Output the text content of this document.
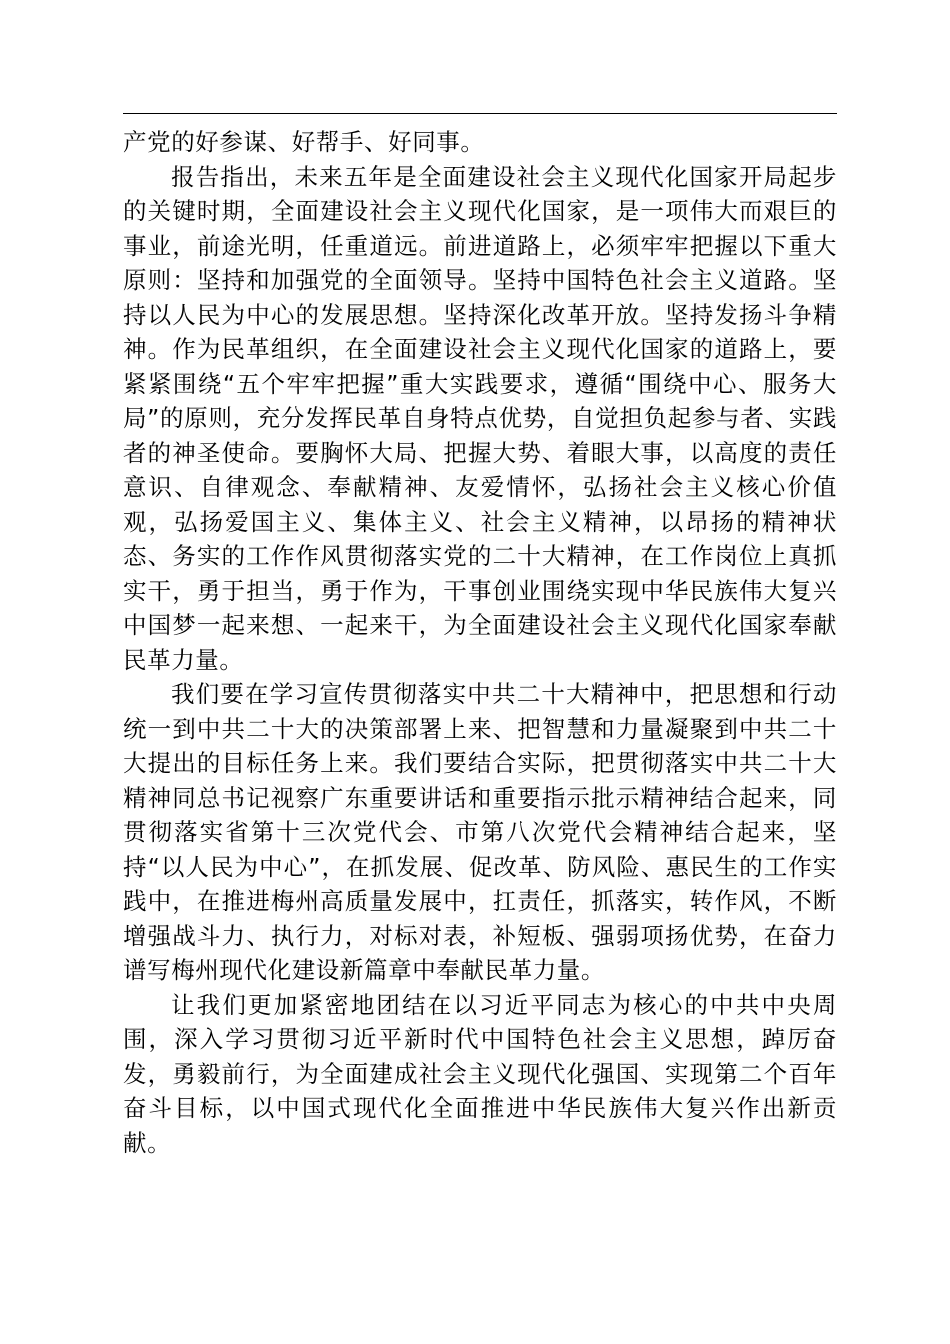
产党的好参谋、好帮手、好同事。

报告指出，未来五年是全面建设社会主义现代化国家开局起步的关键时期，全面建设社会主义现代化国家，是一项伟大而艰巨的事业，前途光明，任重道远。前进道路上，必须牢牢把握以下重大原则：坚持和加强党的全面领导。坚持中国特色社会主义道路。坚持以人民为中心的发展思想。坚持深化改革开放。坚持发扬斗争精神。作为民革组织，在全面建设社会主义现代化国家的道路上，要紧紧围绕“五个牢牢把握”重大实践要求，遵循“围绕中心、服务大局”的原则，充分发挥民革自身特点优势，自觉担负起参与者、实践者的神圣使命。要胸怀大局、把握大势、着眼大事，以高度的责任意识、自律观念、奉献精神、友爱情怀，弘扬社会主义核心价值观，弘扬爱国主义、集体主义、社会主义精神，以昂扬的精神状态、务实的工作作风贯彻落实党的二十大精神，在工作岗位上真抓实干，勇于担当，勇于作为，干事创业围绕实现中华民族伟大复兴中国梦一起来想、一起来干，为全面建设社会主义现代化国家奉献民革力量。

我们要在学习宣传贯彻落实中共二十大精神中，把思想和行动统一到中共二十大的决策部署上来、把智慧和力量凝聚到中共二十大提出的目标任务上来。我们要结合实际，把贯彻落实中共二十大精神同总书记视察广东重要讲话和重要指示批示精神结合起来，同贯彻落实省第十三次党代会、市第八次党代会精神结合起来，坚持“以人民为中心”，在抓发展、促改革、防风险、惠民生的工作实践中，在推进梅州高质量发展中，扛责任，抓落实，转作风，不断增强战斗力、执行力，对标对表，补短板、强弱项扬优势，在奋力谱写梅州现代化建设新篇章中奉献民革力量。

让我们更加紧密地团结在以习近平同志为核心的中共中央周围，深入学习贯彻习近平新时代中国特色社会主义思想，踔厉奋发，勇毅前行，为全面建成社会主义现代化强国、实现第二个百年奋斗目标，以中国式现代化全面推进中华民族伟大复兴作出新贡献。
